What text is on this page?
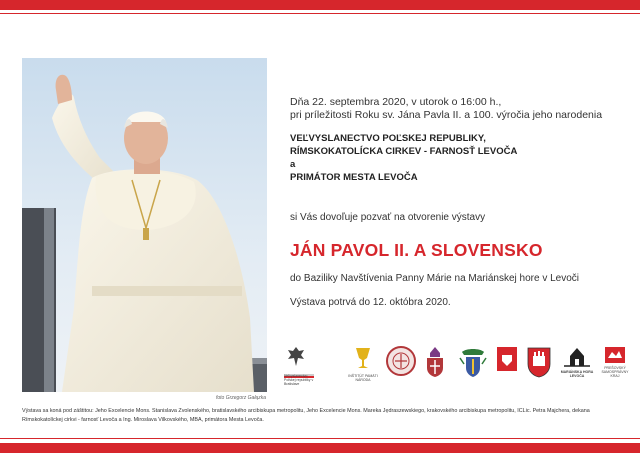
foto Grzegorz Gałązka

Dňa 22. septembra 2020, v utorok o 16:00 h.,

pri príležitosti Roku sv. Jána Pavla II. a 100. výročia jeho narodenia

VEĽVYSLANECTVO POĽSKEJ REPUBLIKY,

RÍMSKOKATOLÍCKA CIRKEV - FARNOSŤ LEVOČA

a

PRIMÁTOR MESTA LEVOČA

si Vás dovoľuje pozvať na otvorenie výstavy
JÁN PAVOL II. A SLOVENSKO
do Baziliky Navštívenia Panny Márie na Mariánskej hore v Levoči
Výstava potrvá do 12. októbra 2020.
Veľvyslanectvo Poľskej republiky v Bratislave
INŠTITÚT PAMÄTI NÁRODA
MARIÁNSKA HORA LEVOČA
PREŠOVSKÝ SAMOSPRÁVNY KRAJ
Výstava sa koná pod záštitou: Jeho Excelencie Mons. Stanislava Zvolenského, bratislavského arcibiskupa metropolitu, Jeho Excelencie Mons. Mareka Jędraszewskiego, krakovského arcibiskupa metropolitu, ICLic. Petra Majchera, dekana Rímskokatolíckej cirkvi - farnosť Levoča a Ing. Miroslava Vilkovského, MBA, primátora Mesta Levoča.
